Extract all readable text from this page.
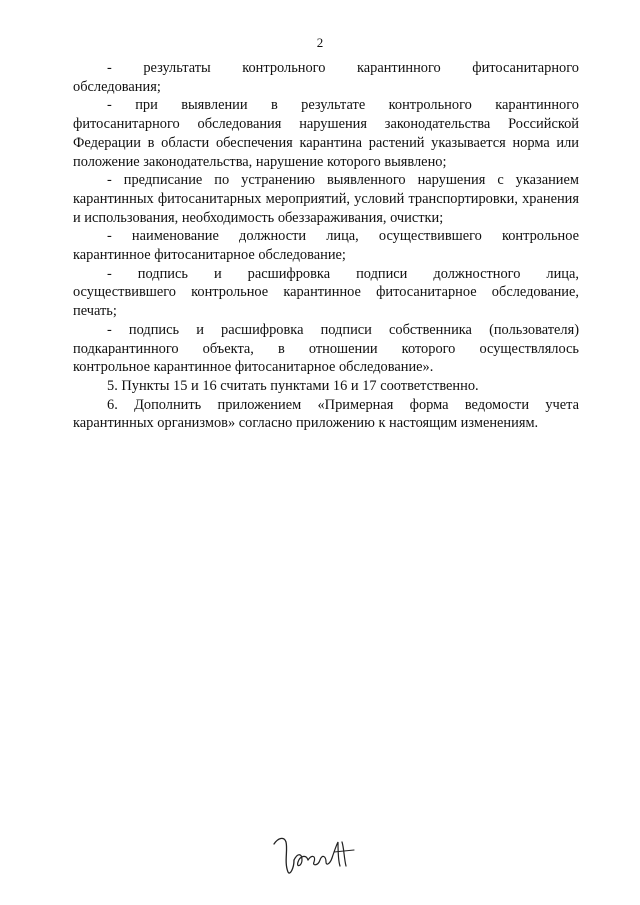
2

-    результаты    контрольного    карантинного    фитосанитарного обследования;

-   при   выявлении   в   результате   контрольного   карантинного фитосанитарного обследования нарушения законодательства Российской Федерации в области обеспечения карантина растений указывается норма или положение законодательства, нарушение которого выявлено;

- предписание по устранению выявленного нарушения с указанием карантинных фитосанитарных мероприятий, условий транспортировки, хранения и использования, необходимость обеззараживания, очистки;

-   наименование   должности   лица,   осуществившего   контрольное карантинное фитосанитарное обследование;

-    подпись    и    расшифровка    подписи    должностного    лица, осуществившего контрольное карантинное фитосанитарное обследование, печать;

-   подпись   и   расшифровка   подписи   собственника   (пользователя) подкарантинного    объекта,    в    отношении    которого    осуществлялось контрольное карантинное фитосанитарное обследование».

5. Пункты 15 и 16 считать пунктами 16 и 17 соответственно.

6. Дополнить приложением «Примерная форма ведомости учета карантинных организмов» согласно приложению к настоящим изменениям.
